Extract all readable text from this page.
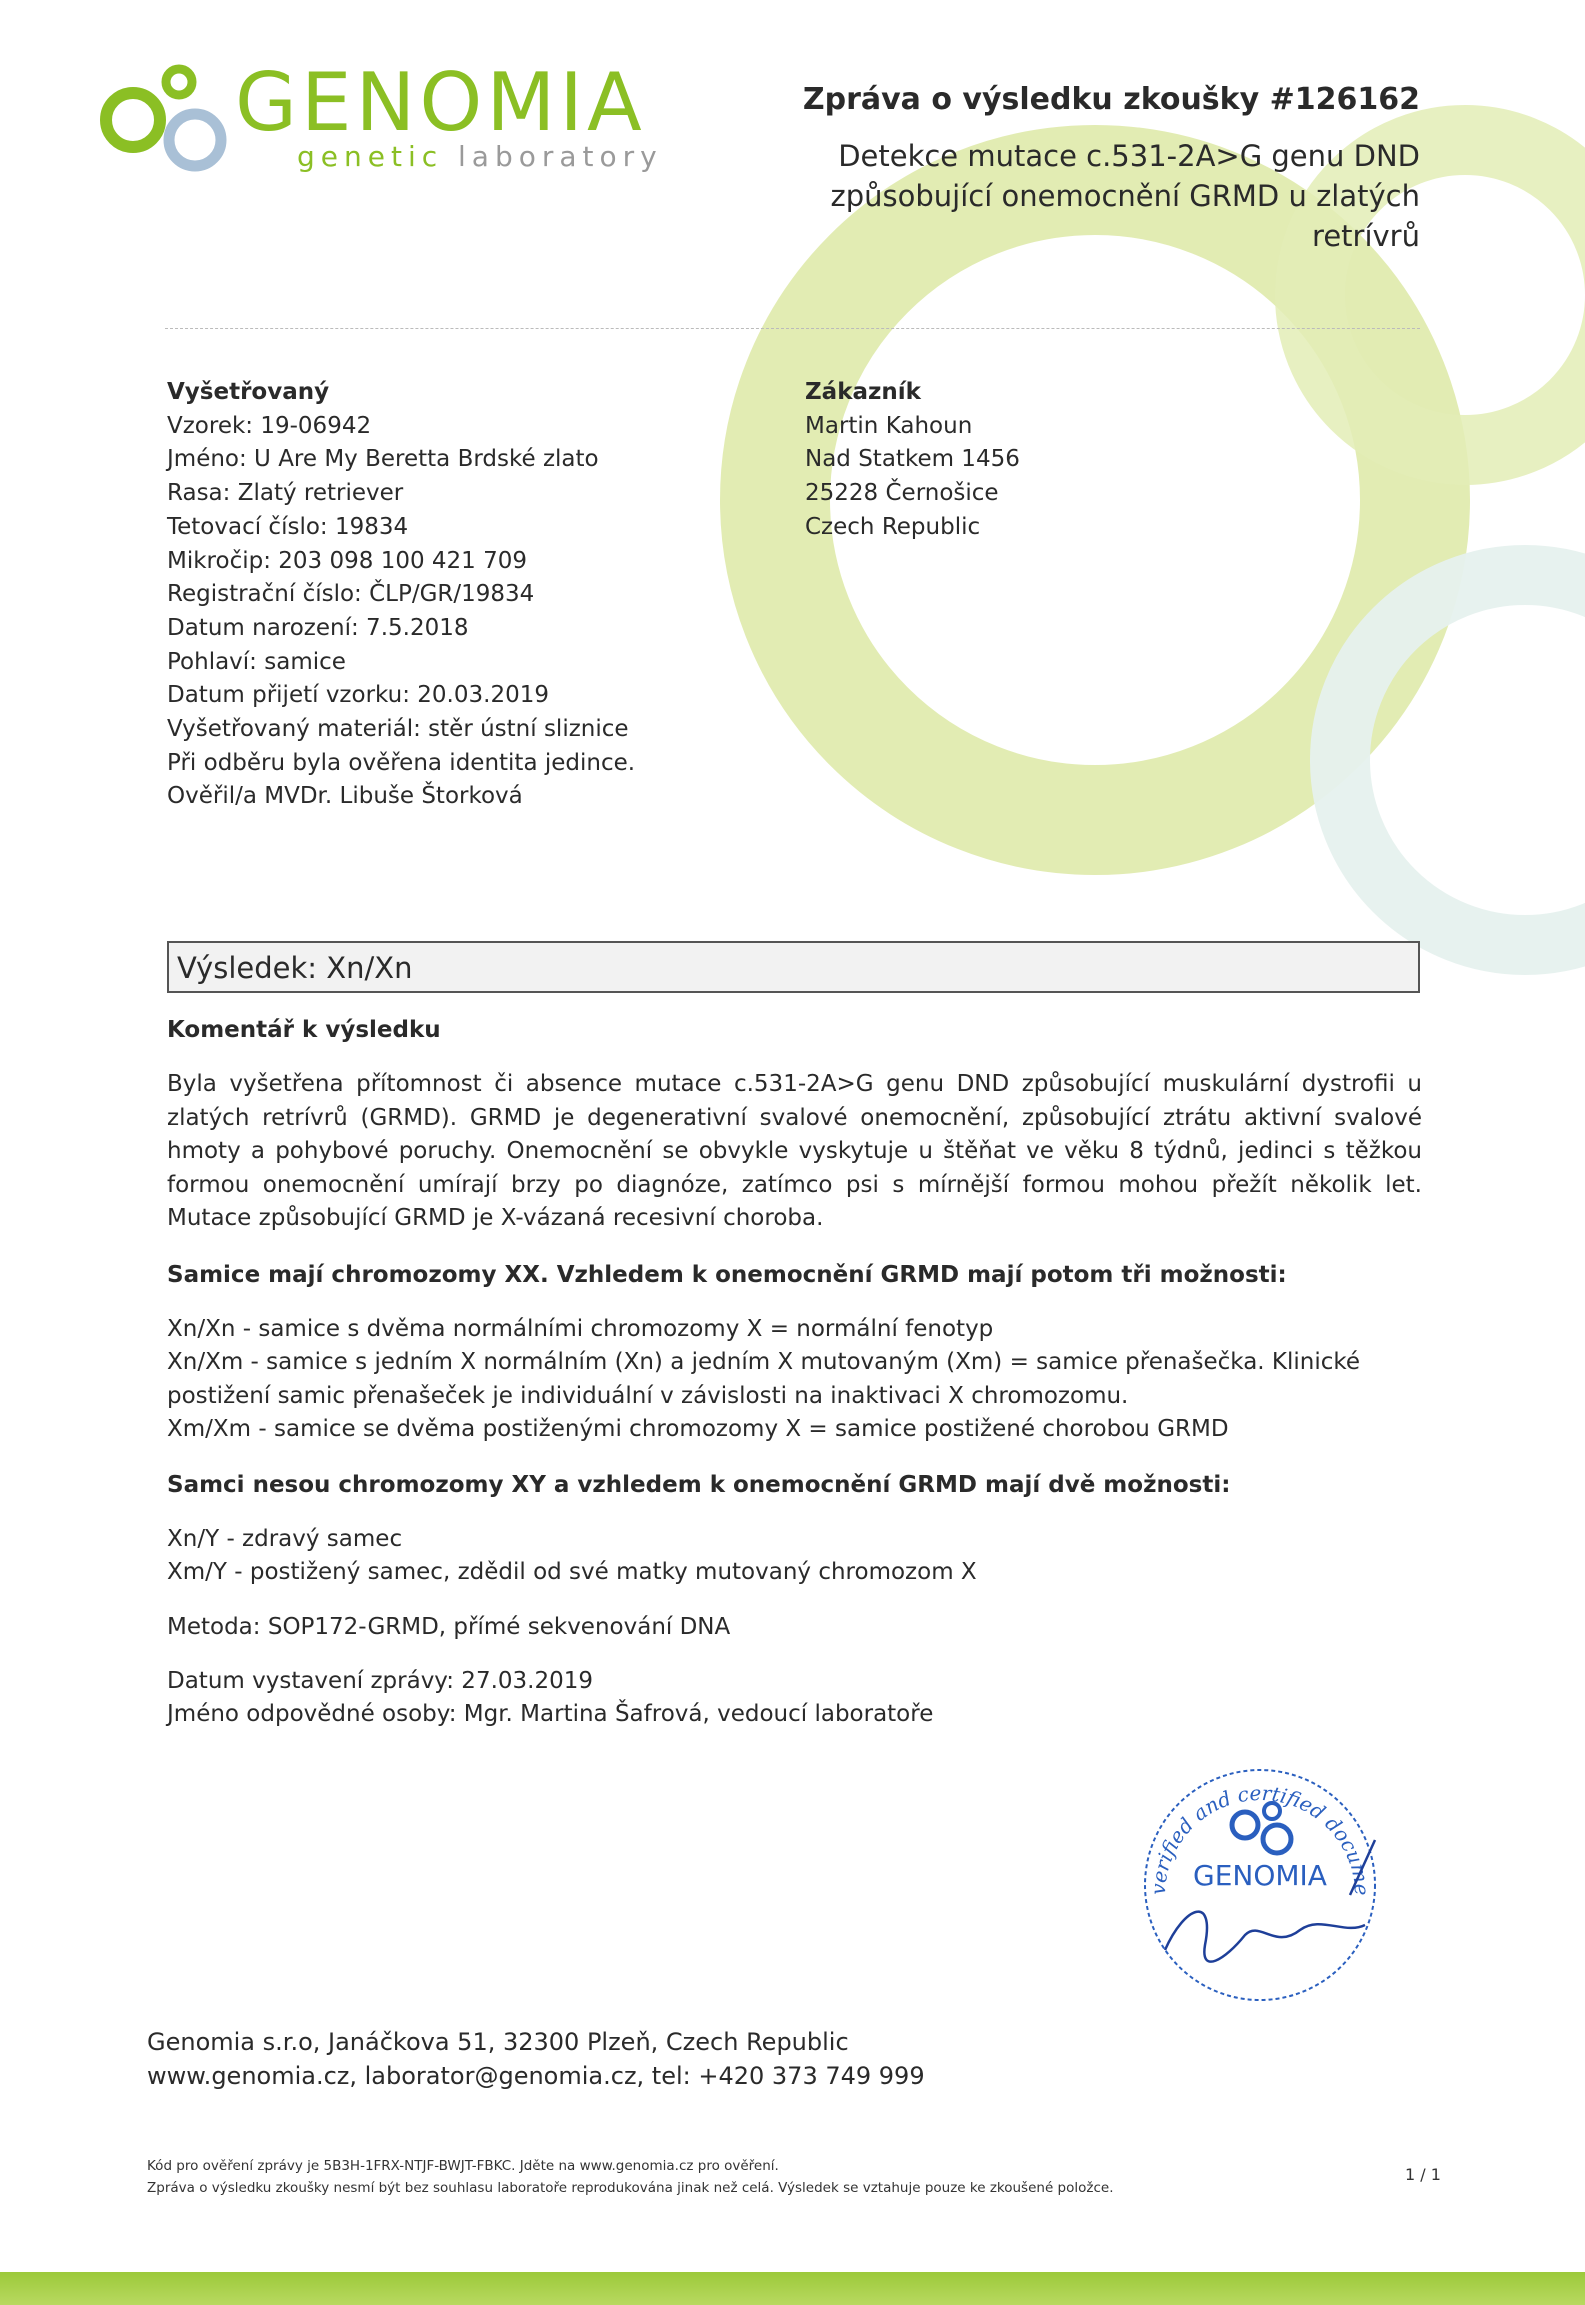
GENOMIA
genetic laboratory
Zpráva o výsledku zkoušky #126162
Detekce mutace c.531-2A>G genu DND
způsobující onemocnění GRMD u zlatých
retrívrů
Vyšetřovaný
Vzorek: 19-06942
Jméno: U Are My Beretta Brdské zlato
Rasa: Zlatý retriever
Tetovací číslo: 19834
Mikročip: 203 098 100 421 709
Registrační číslo: ČLP/GR/19834
Datum narození: 7.5.2018
Pohlaví: samice
Datum přijetí vzorku: 20.03.2019
Vyšetřovaný materiál: stěr ústní sliznice
Při odběru byla ověřena identita jedince.
Ověřil/a MVDr. Libuše Štorková
Zákazník
Martin Kahoun
Nad Statkem 1456
25228 Černošice
Czech Republic
Výsledek: Xn/Xn
Komentář k výsledku
Byla vyšetřena přítomnost či absence mutace c.531-2A>G genu DND způsobující muskulární dystrofii u zlatých retrívrů (GRMD). GRMD je degenerativní svalové onemocnění, způsobující ztrátu aktivní svalové hmoty a pohybové poruchy. Onemocnění se obvykle vyskytuje u štěňat ve věku 8 týdnů, jedinci s těžkou formou onemocnění umírají brzy po diagnóze, zatímco psi s mírnější formou mohou přežít několik let. Mutace způsobující GRMD je X-vázaná recesivní choroba.
Samice mají chromozomy XX. Vzhledem k onemocnění GRMD mají potom tři možnosti:
Xn/Xn - samice s dvěma normálními chromozomy X = normální fenotyp
Xn/Xm - samice s jedním X normálním (Xn) a jedním X mutovaným (Xm) = samice přenašečka. Klinické
postižení samic přenašeček je individuální v závislosti na inaktivaci X chromozomu.
Xm/Xm - samice se dvěma postiženými chromozomy X = samice postižené chorobou GRMD
Samci nesou chromozomy XY a vzhledem k onemocnění GRMD mají dvě možnosti:
Xn/Y - zdravý samec
Xm/Y - postižený samec, zdědil od své matky mutovaný chromozom X
Metoda: SOP172-GRMD, přímé sekvenování DNA
Datum vystavení zprávy: 27.03.2019
Jméno odpovědné osoby: Mgr. Martina Šafrová, vedoucí laboratoře
verified and certified docume
GENOMIA
Genomia s.r.o, Janáčkova 51, 32300 Plzeň, Czech Republic
www.genomia.cz, laborator@genomia.cz, tel: +420 373 749 999
Kód pro ověření zprávy je 5B3H-1FRX-NTJF-BWJT-FBKC. Jděte na www.genomia.cz pro ověření.
Zpráva o výsledku zkoušky nesmí být bez souhlasu laboratoře reprodukována jinak než celá. Výsledek se vztahuje pouze ke zkoušené položce.
1 / 1
